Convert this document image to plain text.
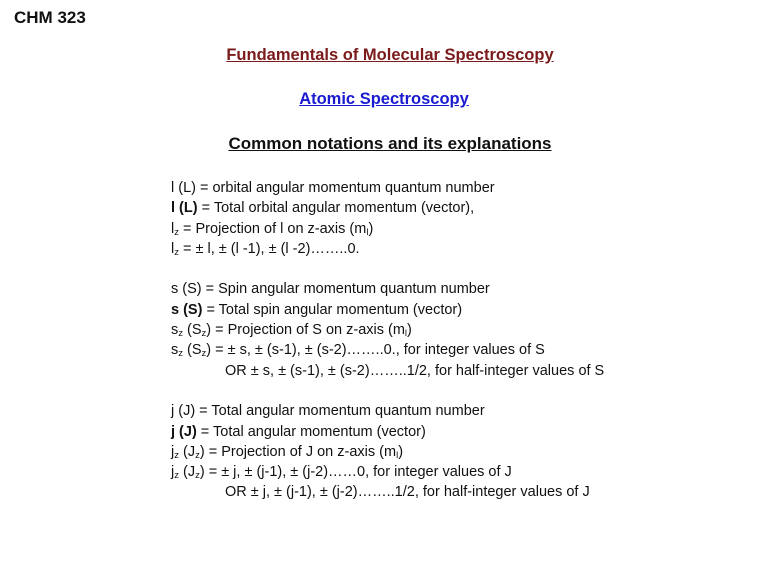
CHM 323
Fundamentals of Molecular Spectroscopy
Atomic Spectroscopy
Common notations and its explanations
l (L) = orbital angular momentum quantum number
l (L) = Total orbital angular momentum (vector),
$l_z$ = Projection of l on z-axis $(m_l)$
$l_z$ = ± l, ± (l -1), ± (l -2)……..0.
s (S) = Spin angular momentum quantum number
s (S) = Total spin angular momentum (vector)
$s_z$ $(S_z)$ = Projection of S on z-axis $(m_l)$
$s_z$ $(S_z)$ = ± s, ± (s-1), ± (s-2)……..0., for integer values of S
OR ± s, ± (s-1), ± (s-2)……..1/2, for half-integer values of S
j (J) = Total angular momentum quantum number
j (J) = Total angular momentum (vector)
$j_z$ $(J_z)$ = Projection of J on z-axis $(m_l)$
$j_z$ $(J_z)$ = ± j, ± (j-1), ± (j-2)……0, for integer values of J
OR ± j, ± (j-1), ± (j-2)……..1/2, for half-integer values of J
